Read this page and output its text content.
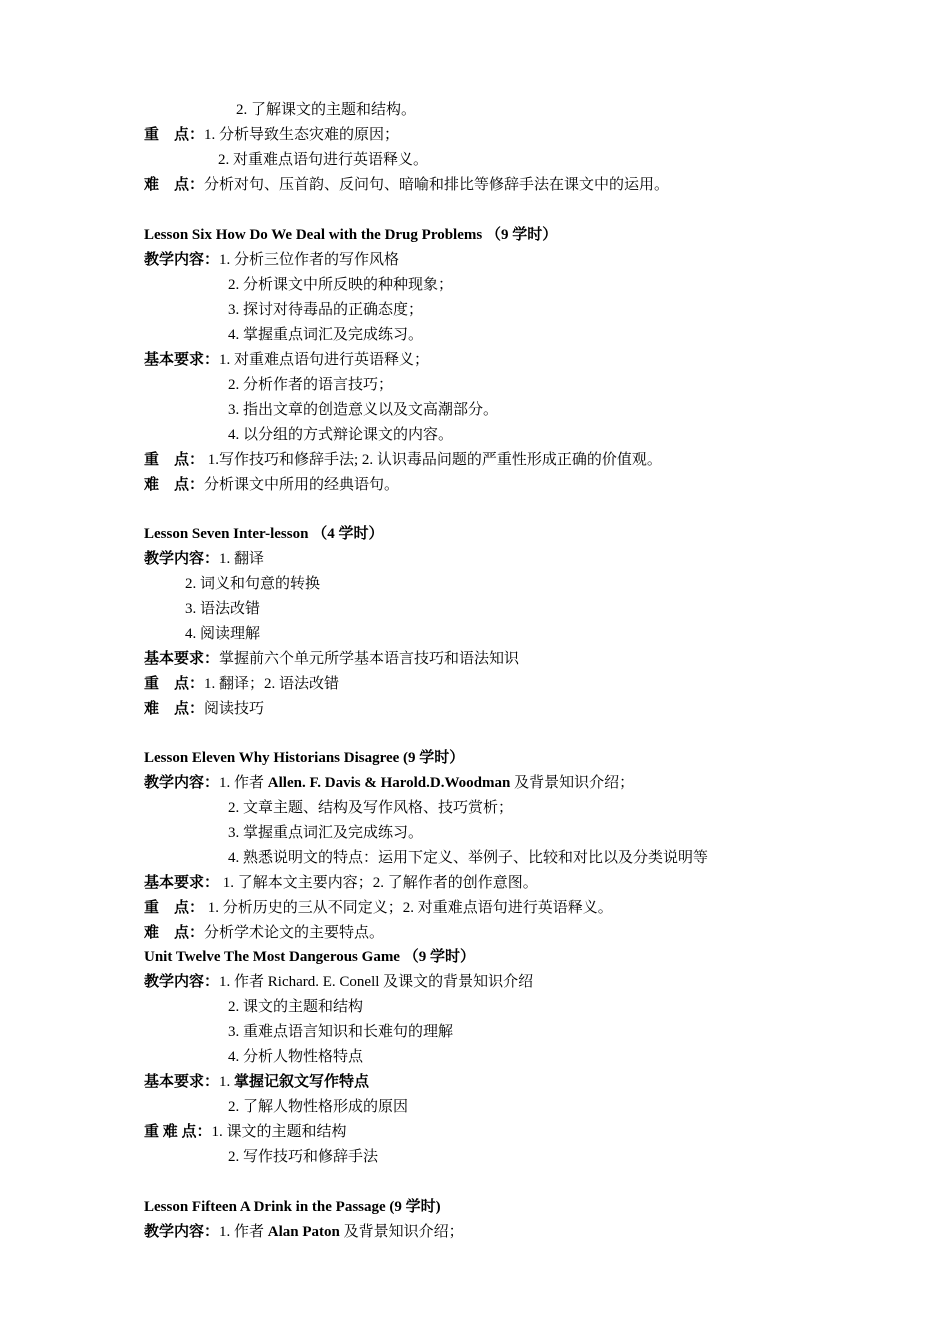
2. 了解课文的主题和结构。
重　点：1. 分析导致生态灾难的原因；
2. 对重难点语句进行英语释义。
难　点：分析对句、压首韵、反问句、暗喻和排比等修辞手法在课文中的运用。
Lesson Six How Do We Deal with the Drug Problems （9 学时）
教学内容：1. 分析三位作者的写作风格
2. 分析课文中所反映的种种现象；
3. 探讨对待毒品的正确态度；
4. 掌握重点词汇及完成练习。
基本要求：1. 对重难点语句进行英语释义；
2. 分析作者的语言技巧；
3. 指出文章的创造意义以及文高潮部分。
4. 以分组的方式辩论课文的内容。
重　点： 1.写作技巧和修辞手法; 2. 认识毒品问题的严重性形成正确的价值观。
难　点：分析课文中所用的经典语句。
Lesson Seven Inter-lesson （4 学时）
教学内容：1. 翻译
2. 词义和句意的转换
3. 语法改错
4. 阅读理解
基本要求：掌握前六个单元所学基本语言技巧和语法知识
重　点：1. 翻译；2. 语法改错
难　点：阅读技巧
Lesson Eleven Why Historians Disagree (9 学时）
教学内容：1. 作者 Allen. F. Davis & Harold.D.Woodman 及背景知识介绍；
2. 文章主题、结构及写作风格、技巧赏析；
3. 掌握重点词汇及完成练习。
4. 熟悉说明文的特点：运用下定义、举例子、比较和对比以及分类说明等
基本要求： 1. 了解本文主要内容；2. 了解作者的创作意图。
重　点： 1. 分析历史的三从不同定义；2. 对重难点语句进行英语释义。
难　点：分析学术论文的主要特点。
Unit Twelve The Most Dangerous Game （9 学时）
教学内容：1. 作者 Richard. E. Conell 及课文的背景知识介绍
2. 课文的主题和结构
3. 重难点语言知识和长难句的理解
4. 分析人物性格特点
基本要求：1. 掌握记叙文写作特点
2. 了解人物性格形成的原因
重 难 点：1. 课文的主题和结构
2. 写作技巧和修辞手法
Lesson Fifteen A Drink in the Passage (9 学时)
教学内容：1. 作者 Alan Paton 及背景知识介绍；
